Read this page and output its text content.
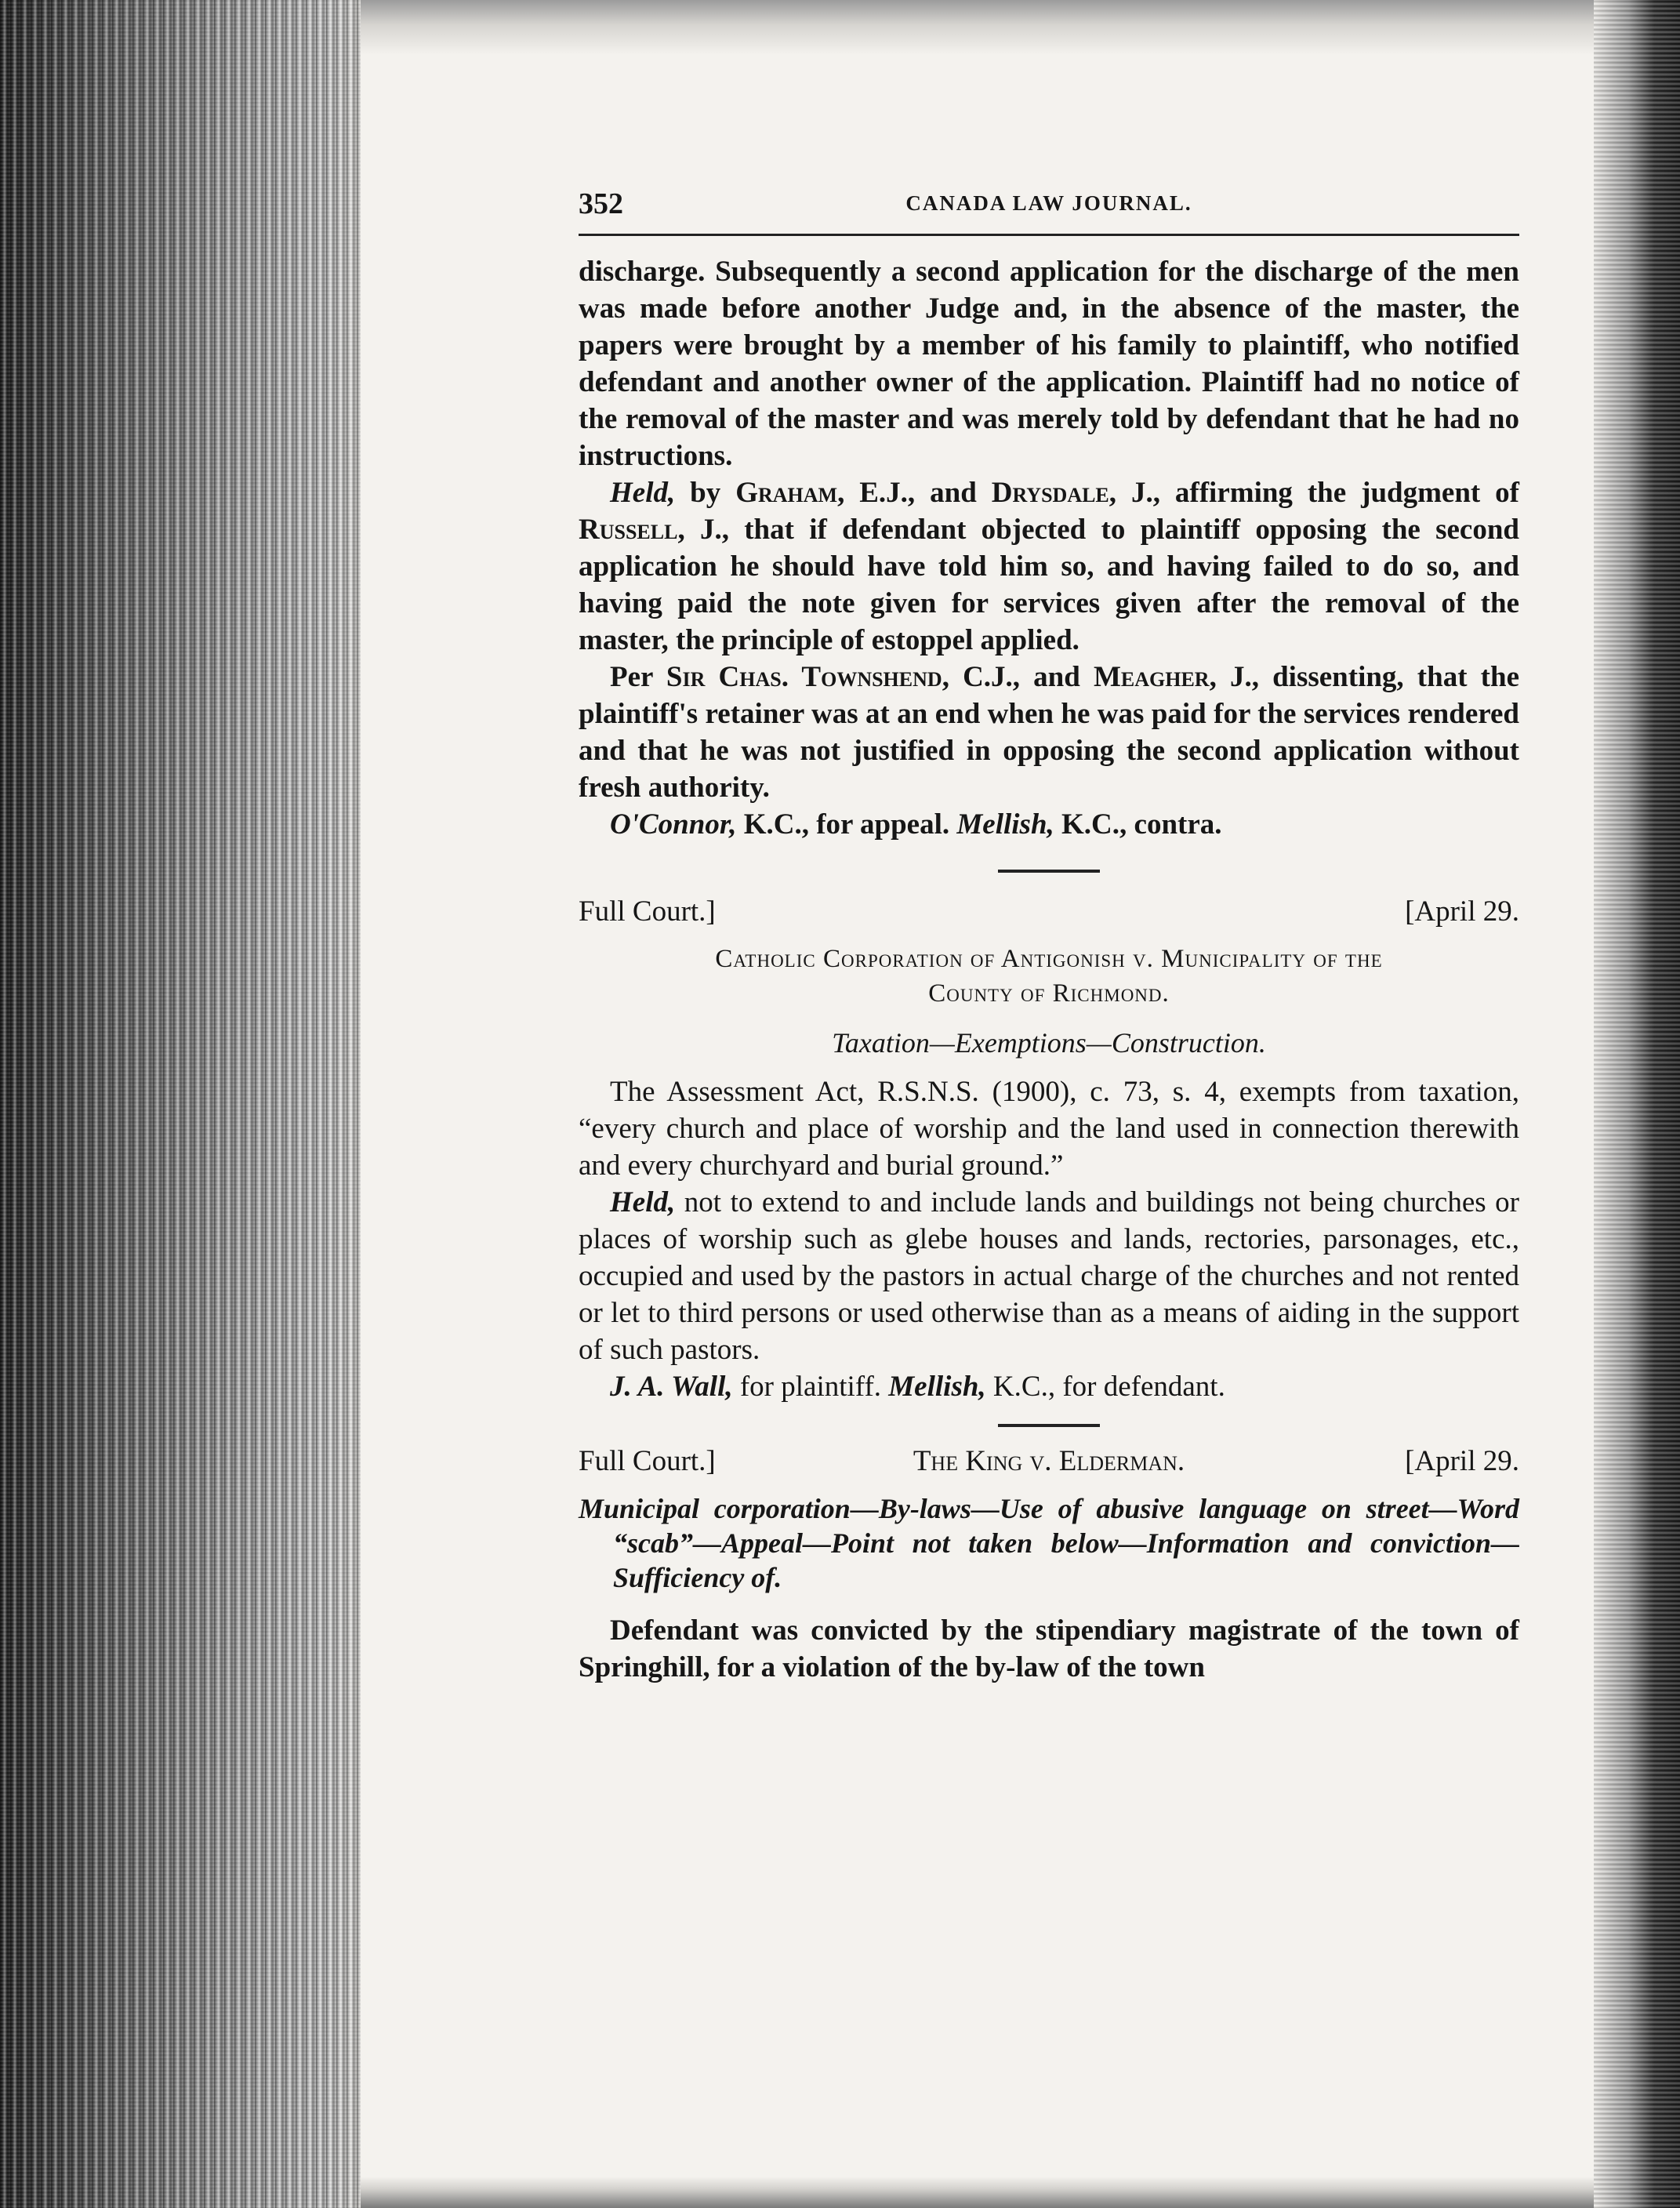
352	CANADA LAW JOURNAL.

discharge. Subsequently a second application for the discharge of the men was made before another Judge and, in the absence of the master, the papers were brought by a member of his family to plaintiff, who notified defendant and another owner of the application. Plaintiff had no notice of the removal of the master and was merely told by defendant that he had no instructions.

Held, by Graham, E.J., and Drysdale, J., affirming the judgment of Russell, J., that if defendant objected to plaintiff opposing the second application he should have told him so, and having failed to do so, and having paid the note given for services given after the removal of the master, the principle of estoppel applied.

Per Sir Chas. Townshend, C.J., and Meagher, J., dissenting, that the plaintiff's retainer was at an end when he was paid for the services rendered and that he was not justified in opposing the second application without fresh authority.

O'Connor, K.C., for appeal. Mellish, K.C., contra.

Full Court.]	[April 29.
Catholic Corporation of Antigonish v. Municipality of the
County of Richmond.
Taxation—Exemptions—Construction.

The Assessment Act, R.S.N.S. (1900), c. 73, s. 4, exempts from taxation, “every church and place of worship and the land used in connection therewith and every churchyard and burial ground.”

Held, not to extend to and include lands and buildings not being churches or places of worship such as glebe houses and lands, rectories, parsonages, etc., occupied and used by the pastors in actual charge of the churches and not rented or let to third persons or used otherwise than as a means of aiding in the support of such pastors.

J. A. Wall, for plaintiff. Mellish, K.C., for defendant.

Full Court.]	The King v. Elderman.	[April 29.
Municipal corporation—By-laws—Use of abusive language on street—Word “scab”—Appeal—Point not taken below—Information and conviction—Sufficiency of.

Defendant was convicted by the stipendiary magistrate of the town of Springhill, for a violation of the by-law of the town
